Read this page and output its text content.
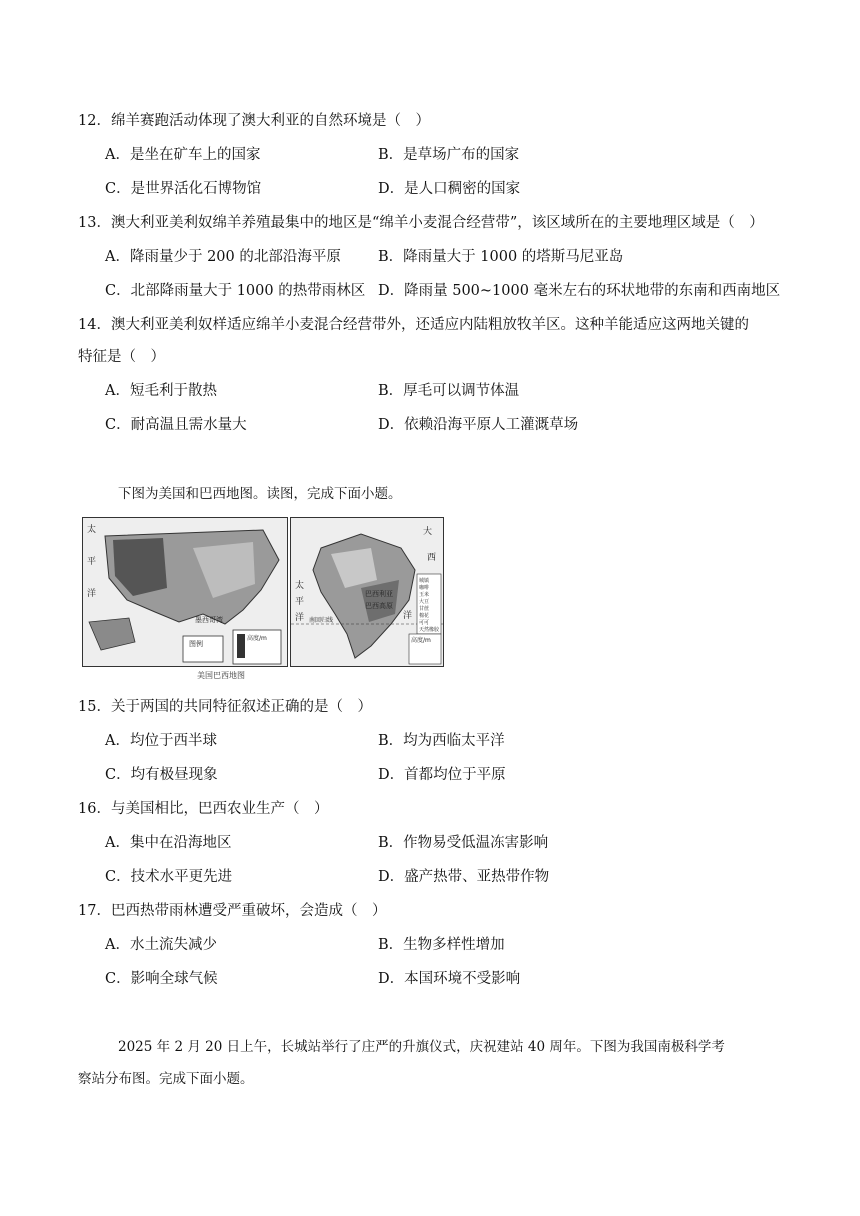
12．绵羊赛跑活动体现了澳大利亚的自然环境是（　）
A．是坐在矿车上的国家	B．是草场广布的国家
C．是世界活化石博物馆	D．是人口稠密的国家
13．澳大利亚美利奴绵羊养殖最集中的地区是“绵羊小麦混合经营带”，该区域所在的主要地理区域是（　）
A．降雨量少于 200 的北部沿海平原	B．降雨量大于 1000 的塔斯马尼亚岛
C．北部降雨量大于 1000 的热带雨林区 D．降雨量 500~1000 毫米左右的环状地带的东南和西南地区
14．澳大利亚美利奴样适应绵羊小麦混合经营带外，还适应内陆粗放牧羊区。这种羊能适应这两地关键的
特征是（　）
A．短毛利于散热	B．厚毛可以调节体温
C．耐高温且需水量大	D．依赖沿海平原人工灌溉草场
下图为美国和巴西地图。读图，完成下面小题。
太
平
洋
墨西哥湾
图例
高度/m
大
西
洋
太
平
洋
巴西利亚
巴西高原
南回归线
高度/m
城镇
咖啡
玉米
大豆
甘蔗
棉花
可可
天然橡胶
美国巴西地图
15．关于两国的共同特征叙述正确的是（　）
A．均位于西半球	B．均为西临太平洋
C．均有极昼现象	D．首都均位于平原
16．与美国相比，巴西农业生产（　）
A．集中在沿海地区	B．作物易受低温冻害影响
C．技术水平更先进	D．盛产热带、亚热带作物
17．巴西热带雨林遭受严重破坏，会造成（　）
A．水土流失减少	B．生物多样性增加
C．影响全球气候	D．本国环境不受影响
2025 年 2 月 20 日上午，长城站举行了庄严的升旗仪式，庆祝建站 40 周年。下图为我国南极科学考
察站分布图。完成下面小题。
